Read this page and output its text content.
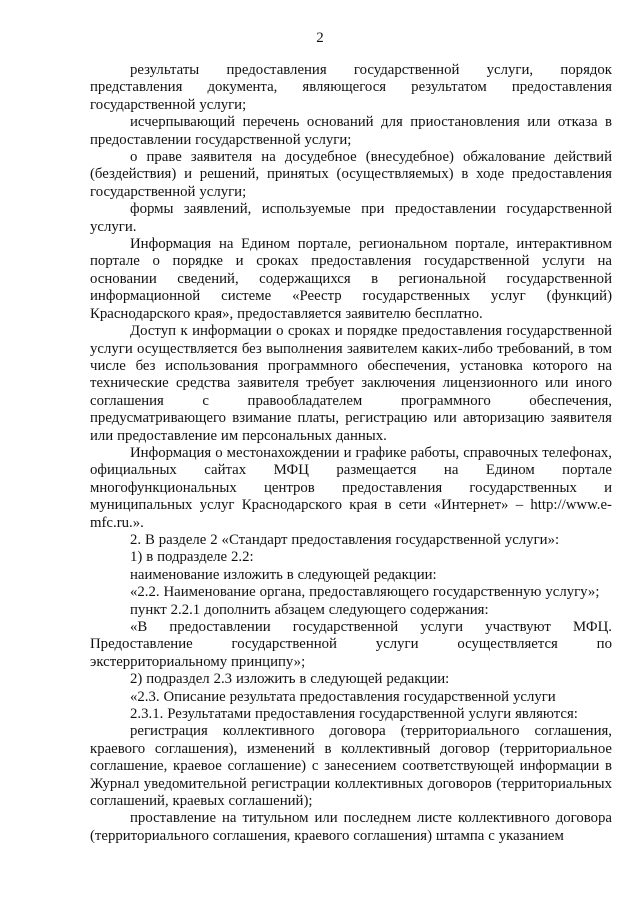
2

результаты предоставления государственной услуги, порядок представления документа, являющегося результатом предоставления государственной услуги;

исчерпывающий перечень оснований для приостановления или отказа в предоставлении государственной услуги;

о праве заявителя на досудебное (внесудебное) обжалование действий (бездействия) и решений, принятых (осуществляемых) в ходе предоставления государственной услуги;

формы заявлений, используемые при предоставлении государственной услуги.

Информация на Едином портале, региональном портале, интерактивном портале о порядке и сроках предоставления государственной услуги на основании сведений, содержащихся в региональной государственной информационной системе «Реестр государственных услуг (функций) Краснодарского края», предоставляется заявителю бесплатно.

Доступ к информации о сроках и порядке предоставления государственной услуги осуществляется без выполнения заявителем каких-либо требований, в том числе без использования программного обеспечения, установка которого на технические средства заявителя требует заключения лицензионного или иного соглашения с правообладателем программного обеспечения, предусматривающего взимание платы, регистрацию или авторизацию заявителя или предоставление им персональных данных.

Информация о местонахождении и графике работы, справочных телефонах, официальных сайтах МФЦ размещается на Едином портале многофункциональных центров предоставления государственных и муниципальных услуг Краснодарского края в сети «Интернет» – http://www.e-mfc.ru.».

2. В разделе 2 «Стандарт предоставления государственной услуги»:

1) в подразделе 2.2:

наименование изложить в следующей редакции:

«2.2. Наименование органа, предоставляющего государственную услугу»;

пункт 2.2.1 дополнить абзацем следующего содержания:

«В предоставлении государственной услуги участвуют МФЦ. Предоставление государственной услуги осуществляется по экстерриториальному принципу»;

2) подраздел 2.3 изложить в следующей редакции:

«2.3. Описание результата предоставления государственной услуги

2.3.1. Результатами предоставления государственной услуги являются:

регистрация коллективного договора (территориального соглашения, краевого соглашения), изменений в коллективный договор (территориальное соглашение, краевое соглашение) с занесением соответствующей информации в Журнал уведомительной регистрации коллективных договоров (территориальных соглашений, краевых соглашений);

проставление на титульном или последнем листе коллективного договора (территориального соглашения, краевого соглашения) штампа с указанием
